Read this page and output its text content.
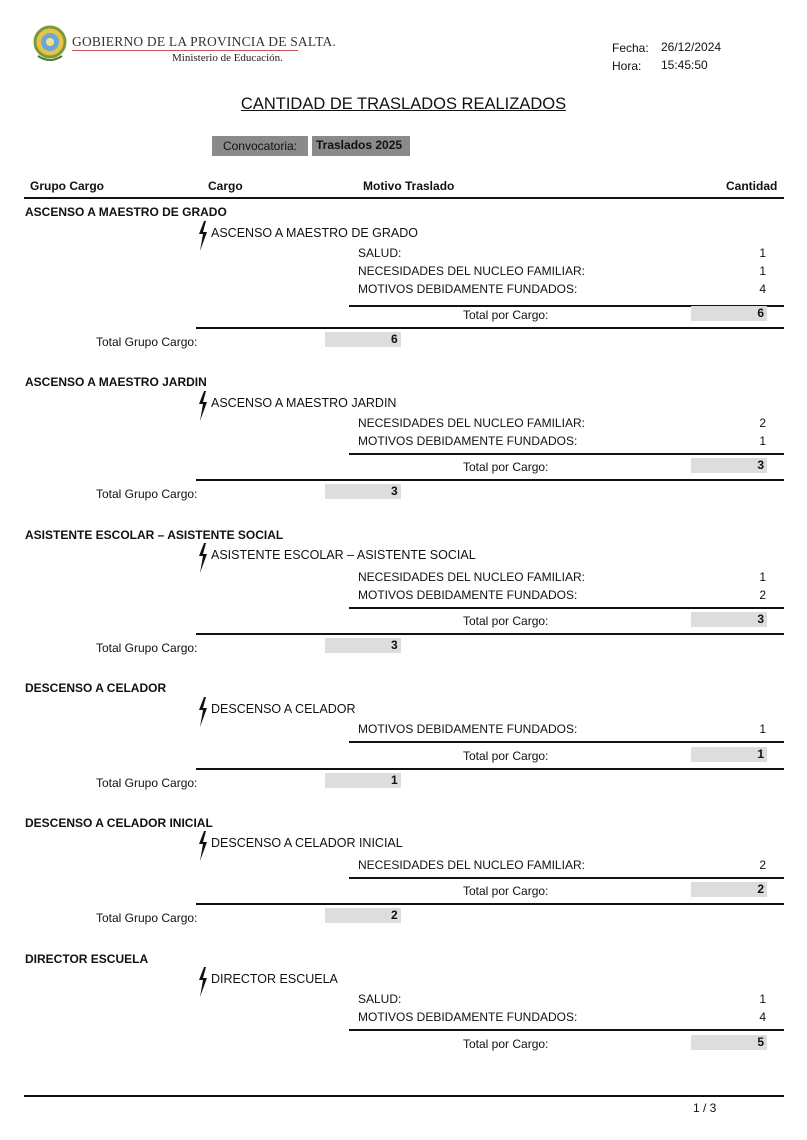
GOBIERNO DE LA PROVINCIA DE SALTA.
Ministerio de Educación.
Fecha: 26/12/2024
Hora: 15:45:50
CANTIDAD DE TRASLADOS REALIZADOS
Convocatoria:	Traslados 2025
Grupo Cargo	Cargo	Motivo Traslado	Cantidad
ASCENSO A MAESTRO DE GRADO
ASCENSO A MAESTRO DE GRADO
SALUD:	1
NECESIDADES DEL NUCLEO FAMILIAR:	1
MOTIVOS DEBIDAMENTE FUNDADOS:	4
Total por Cargo:	6
Total Grupo Cargo:	6
ASCENSO A MAESTRO JARDIN
ASCENSO A MAESTRO JARDIN
NECESIDADES DEL NUCLEO FAMILIAR:	2
MOTIVOS DEBIDAMENTE FUNDADOS:	1
Total por Cargo:	3
Total Grupo Cargo:	3
ASISTENTE ESCOLAR – ASISTENTE SOCIAL
ASISTENTE ESCOLAR – ASISTENTE SOCIAL
NECESIDADES DEL NUCLEO FAMILIAR:	1
MOTIVOS DEBIDAMENTE FUNDADOS:	2
Total por Cargo:	3
Total Grupo Cargo:	3
DESCENSO A CELADOR
DESCENSO A CELADOR
MOTIVOS DEBIDAMENTE FUNDADOS:	1
Total por Cargo:	1
Total Grupo Cargo:	1
DESCENSO A CELADOR INICIAL
DESCENSO A CELADOR INICIAL
NECESIDADES DEL NUCLEO FAMILIAR:	2
Total por Cargo:	2
Total Grupo Cargo:	2
DIRECTOR ESCUELA
DIRECTOR ESCUELA
SALUD:	1
MOTIVOS DEBIDAMENTE FUNDADOS:	4
Total por Cargo:	5
1 / 3
